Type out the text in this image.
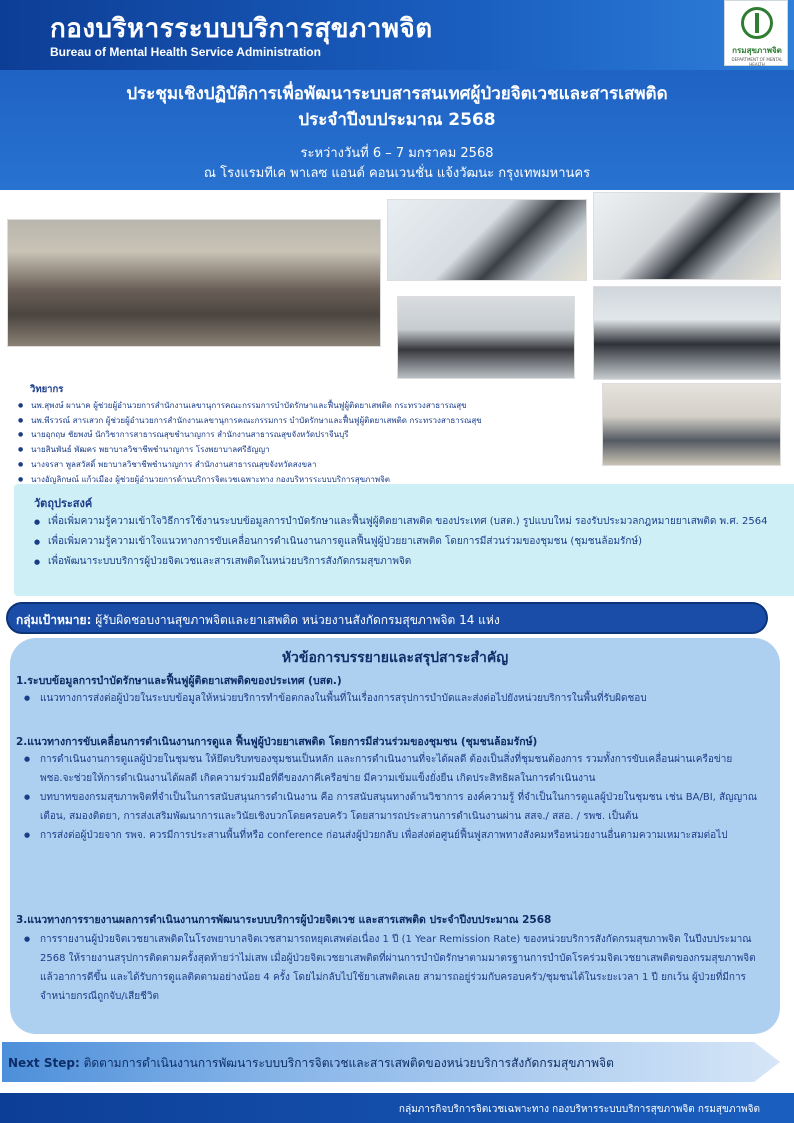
กองบริหารระบบบริการสุขภาพจิต
Bureau of Mental Health Service Administration	กรมสุขภาพจิต
DEPARTMENT OF MENTAL HEALTH
ประชุมเชิงปฏิบัติการเพื่อพัฒนาระบบสารสนเทศผู้ป่วยจิตเวชและสารเสพติด
ประจำปีงบประมาณ 2568
ระหว่างวันที่ 6 – 7 มกราคม 2568
ณ โรงแรมทีเค พาเลซ แอนด์ คอนเวนชั่น แจ้งวัฒนะ กรุงเทพมหานคร
วิทยากร
● นพ.สุพงษ์ ผานาค ผู้ช่วยผู้อำนวยการสำนักงานเลขานุการคณะกรรมการบำบัดรักษาและฟื้นฟูผู้ติดยาเสพติด กระทรวงสาธารณสุข
● นพ.พีรวรณ์ สารเสวก ผู้ช่วยผู้อำนวยการสำนักงานเลขานุการคณะกรรมการ บำบัดรักษาและฟื้นฟูผู้ติดยาเสพติด กระทรวงสาธารณสุข
● นายอุกฤษ ชัยพงษ์ นักวิชาการสาธารณสุขชำนาญการ สำนักงานสาธารณสุขจังหวัดปราจีนบุรี
● นายสินพันธ์ พัฒคร พยาบาลวิชาชีพชำนาญการ โรงพยาบาลศรีธัญญา
● นางจรสา พูลสวัสดิ์ พยาบาลวิชาชีพชำนาญการ สำนักงานสาธารณสุขจังหวัดสงขลา
● นางอัญลิกษณ์ แก้วเมือง ผู้ช่วยผู้อำนวยการด้านบริการจิตเวชเฉพาะทาง กองบริหารระบบบริการสุขภาพจิต
วัตถุประสงค์
● เพื่อเพิ่มความรู้ความเข้าใจวิธีการใช้งานระบบข้อมูลการบำบัดรักษาและฟื้นฟูผู้ติดยาเสพติด ของประเทศ (บสต.) รูปแบบใหม่ รองรับประมวลกฎหมายยาเสพติด พ.ศ. 2564
● เพื่อเพิ่มความรู้ความเข้าใจแนวทางการขับเคลื่อนการดำเนินงานการดูแลฟื้นฟูผู้ป่วยยาเสพติด โดยการมีส่วนร่วมของชุมชน (ชุมชนล้อมรักษ์)
● เพื่อพัฒนาระบบบริการผู้ป่วยจิตเวชและสารเสพติดในหน่วยบริการสังกัดกรมสุขภาพจิต
กลุ่มเป้าหมาย: ผู้รับผิดชอบงานสุขภาพจิตและยาเสพติด หน่วยงานสังกัดกรมสุขภาพจิต 14 แห่ง
หัวข้อการบรรยายและสรุปสาระสำคัญ
1.ระบบข้อมูลการบำบัดรักษาและฟื้นฟูผู้ติดยาเสพติดของประเทศ (บสต.)
● แนวทางการส่งต่อผู้ป่วยในระบบข้อมูลให้หน่วยบริการทำข้อตกลงในพื้นที่ในเรื่องการสรุปการบำบัดและส่งต่อไปยังหน่วยบริการในพื้นที่รับผิดชอบ
2.แนวทางการขับเคลื่อนการดำเนินงานการดูแล ฟื้นฟูผู้ป่วยยาเสพติด โดยการมีส่วนร่วมของชุมชน (ชุมชนล้อมรักษ์)
● การดำเนินงานการดูแลผู้ป่วยในชุมชน ให้ยึดบริบทของชุมชนเป็นหลัก และการดำเนินงานที่จะได้ผลดี ต้องเป็นสิ่งที่ชุมชนต้องการ รวมทั้งการขับเคลื่อนผ่านเครือข่าย พชอ.จะช่วยให้การดำเนินงานได้ผลดี เกิดความร่วมมือที่ดีของภาคีเครือข่าย มีความเข้มแข็งยั่งยืน เกิดประสิทธิผลในการดำเนินงาน
● บทบาทของกรมสุขภาพจิตที่จำเป็นในการสนับสนุนการดำเนินงาน คือ การสนับสนุนทางด้านวิชาการ องค์ความรู้ ที่จำเป็นในการดูแลผู้ป่วยในชุมชน เช่น BA/BI, สัญญาณเตือน, สมองติดยา, การส่งเสริมพัฒนาการและวินัยเชิงบวกโดยครอบครัว โดยสามารถประสานการดำเนินงานผ่าน สสจ./ สสอ. / รพช. เป็นต้น
● การส่งต่อผู้ป่วยจาก รพจ. ควรมีการประสานพื้นที่หรือ conference ก่อนส่งผู้ป่วยกลับ เพื่อส่งต่อศูนย์ฟื้นฟูสภาพทางสังคมหรือหน่วยงานอื่นตามความเหมาะสมต่อไป
3.แนวทางการรายงานผลการดำเนินงานการพัฒนาระบบบริการผู้ป่วยจิตเวช และสารเสพติด ประจำปีงบประมาณ 2568
● การรายงานผู้ป่วยจิตเวชยาเสพติดในโรงพยาบาลจิตเวชสามารถหยุดเสพต่อเนื่อง 1 ปี (1 Year Remission Rate) ของหน่วยบริการสังกัดกรมสุขภาพจิต ในปีงบประมาณ 2568 ให้รายงานสรุปการติดตามครั้งสุดท้ายว่าไม่เสพ เมื่อผู้ป่วยจิตเวชยาเสพติดที่ผ่านการบำบัดรักษาตามมาตรฐานการบำบัดโรคร่วมจิตเวชยาเสพติดของกรมสุขภาพจิตแล้วอาการดีขึ้น และได้รับการดูแลติดตามอย่างน้อย 4 ครั้ง โดยไม่กลับไปใช้ยาเสพติดเลย สามารถอยู่ร่วมกับครอบครัว/ชุมชนได้ในระยะเวลา 1 ปี ยกเว้น ผู้ป่วยที่มีการจำหน่ายกรณีถูกจับ/เสียชีวิต
Next Step: ติดตามการดำเนินงานการพัฒนาระบบบริการจิตเวชและสารเสพติดของหน่วยบริการสังกัดกรมสุขภาพจิต
กลุ่มภารกิจบริการจิตเวชเฉพาะทาง กองบริหารระบบบริการสุขภาพจิต กรมสุขภาพจิต
